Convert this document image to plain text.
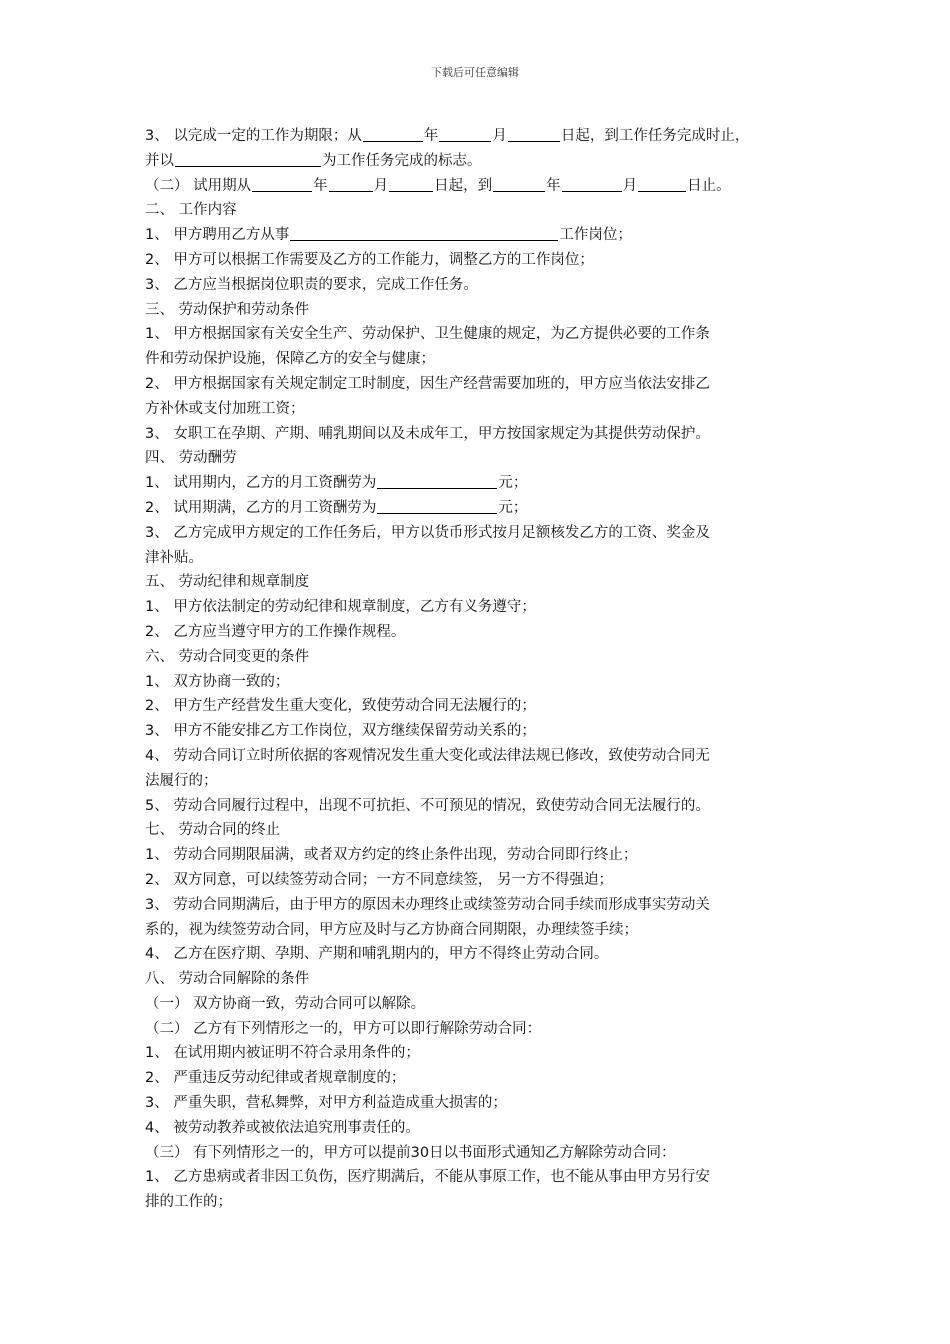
下载后可任意编辑
3、 以完成一定的工作为期限；从	年	月	日起，到工作任务完成时止，
并以	为工作任务完成的标志。
（二） 试用期从	年	月	日起，到	年	月	日止。
二、 工作内容
1、 甲方聘用乙方从事	工作岗位；
2、 甲方可以根据工作需要及乙方的工作能力，调整乙方的工作岗位；
3、 乙方应当根据岗位职责的要求，完成工作任务。
三、 劳动保护和劳动条件
1、 甲方根据国家有关安全生产、劳动保护、卫生健康的规定，为乙方提供必要的工作条
件和劳动保护设施，保障乙方的安全与健康；
2、 甲方根据国家有关规定制定工时制度，因生产经营需要加班的，甲方应当依法安排乙
方补休或支付加班工资；
3、 女职工在孕期、产期、哺乳期间以及未成年工，甲方按国家规定为其提供劳动保护。
四、 劳动酬劳
1、 试用期内，乙方的月工资酬劳为	元；
2、 试用期满，乙方的月工资酬劳为	元；
3、 乙方完成甲方规定的工作任务后，甲方以货币形式按月足额核发乙方的工资、奖金及
津补贴。
五、 劳动纪律和规章制度
1、 甲方依法制定的劳动纪律和规章制度，乙方有义务遵守；
2、 乙方应当遵守甲方的工作操作规程。
六、 劳动合同变更的条件
1、 双方协商一致的；
2、 甲方生产经营发生重大变化，致使劳动合同无法履行的；
3、 甲方不能安排乙方工作岗位，双方继续保留劳动关系的；
4、 劳动合同订立时所依据的客观情况发生重大变化或法律法规已修改，致使劳动合同无
法履行的；
5、 劳动合同履行过程中，出现不可抗拒、不可预见的情况，致使劳动合同无法履行的。
七、 劳动合同的终止
1、 劳动合同期限届满，或者双方约定的终止条件出现，劳动合同即行终止；
2、 双方同意，可以续签劳动合同；一方不同意续签， 另一方不得强迫；
3、 劳动合同期满后，由于甲方的原因未办理终止或续签劳动合同手续而形成事实劳动关
系的，视为续签劳动合同，甲方应及时与乙方协商合同期限，办理续签手续；
4、 乙方在医疗期、孕期、产期和哺乳期内的，甲方不得终止劳动合同。
八、 劳动合同解除的条件
（一） 双方协商一致，劳动合同可以解除。
（二） 乙方有下列情形之一的，甲方可以即行解除劳动合同：
1、 在试用期内被证明不符合录用条件的；
2、 严重违反劳动纪律或者规章制度的；
3、 严重失职，营私舞弊，对甲方利益造成重大损害的；
4、 被劳动教养或被依法追究刑事责任的。
（三） 有下列情形之一的，甲方可以提前30日以书面形式通知乙方解除劳动合同：
1、 乙方患病或者非因工负伤，医疗期满后，不能从事原工作，也不能从事由甲方另行安
排的工作的；
